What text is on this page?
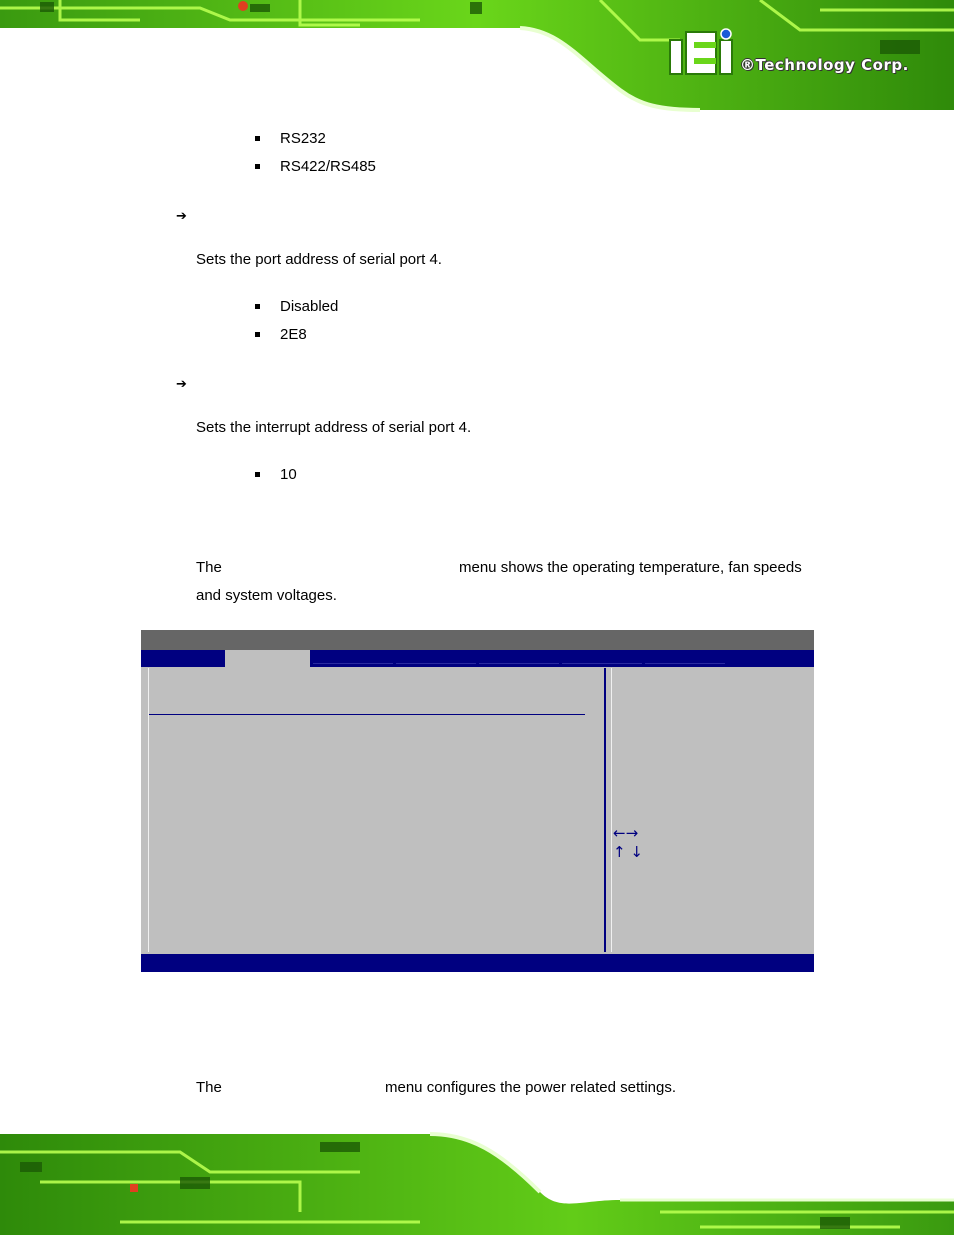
®Technology Corp.
RS232
RS422/RS485
➔
Sets the port address of serial port 4.
Disabled
2E8
➔
Sets the interrupt address of serial port 4.
10
The	menu shows the operating temperature, fan speeds
and system voltages.
←→
↑ ↓
The	menu configures the power related settings.
